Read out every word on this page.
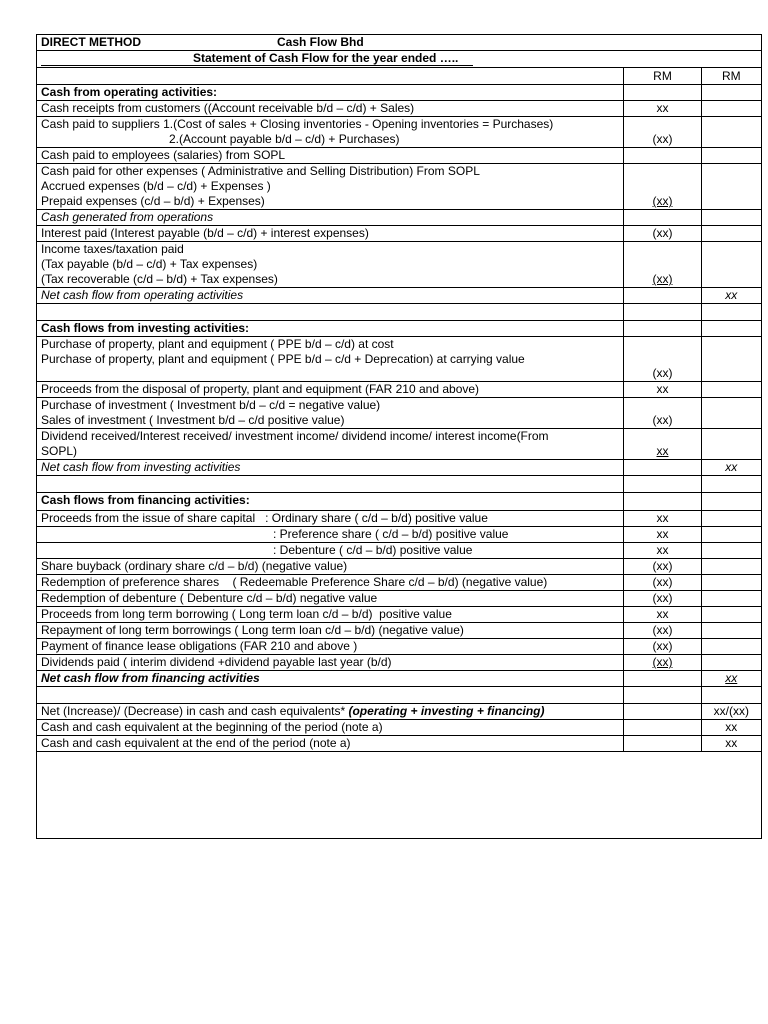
DIRECT METHOD Cash Flow Bhd		

Statement of Cash Flow for the year ended …..		

	RM	RM
Cash from operating activities:		
Cash receipts from customers ((Account receivable b/d – c/d) + Sales)	xx	

Cash paid to suppliers 1.(Cost of sales + Closing inventories - Opening inventories = Purchases)
2.(Account payable b/d – c/d) + Purchases)	(xx)	
Cash paid to employees (salaries) from SOPL		

Cash paid for other expenses ( Administrative and Selling Distribution) From SOPL
Accrued expenses (b/d – c/d) + Expenses )
Prepaid expenses (c/d – b/d) + Expenses)	(xx)	
Cash generated from operations		
Interest paid (Interest payable (b/d – c/d) + interest expenses)	(xx)	

Income taxes/taxation paid
(Tax payable (b/d – c/d) + Tax expenses)
(Tax recoverable (c/d – b/d) + Tax expenses)	(xx)	
Net cash flow from operating activities		xx

Cash flows from investing activities:		

Purchase of property, plant and equipment ( PPE b/d – c/d) at cost
Purchase of property, plant and equipment ( PPE b/d – c/d + Deprecation) at carrying value	(xx)	
Proceeds from the disposal of property, plant and equipment (FAR 210 and above)	xx	

Purchase of investment ( Investment b/d – c/d = negative value)
Sales of investment ( Investment b/d – c/d positive value)	(xx)	

Dividend received/Interest received/ investment income/ dividend income/ interest income(From
SOPL)	xx	
Net cash flow from investing activities		xx

Cash flows from financing activities:		
Proceeds from the issue of share capital   : Ordinary share ( c/d – b/d) positive value	xx	
: Preference share ( c/d – b/d) positive value	xx	
: Debenture ( c/d – b/d) positive value	xx	
Share buyback (ordinary share c/d – b/d) (negative value)	(xx)	
Redemption of preference shares    ( Redeemable Preference Share c/d – b/d) (negative value)	(xx)	
Redemption of debenture ( Debenture c/d – b/d) negative value	(xx)	
Proceeds from long term borrowing ( Long term loan c/d – b/d)  positive value	xx	
Repayment of long term borrowings ( Long term loan c/d – b/d) (negative value)	(xx)	
Payment of finance lease obligations (FAR 210 and above )	(xx)	
Dividends paid ( interim dividend +dividend payable last year (b/d)	(xx)	
Net cash flow from financing activities		xx

Net (Increase)/ (Decrease) in cash and cash equivalents* (operating + investing + financing)		xx/(xx)
Cash and cash equivalent at the beginning of the period (note a)		xx
Cash and cash equivalent at the end of the period (note a)		xx
